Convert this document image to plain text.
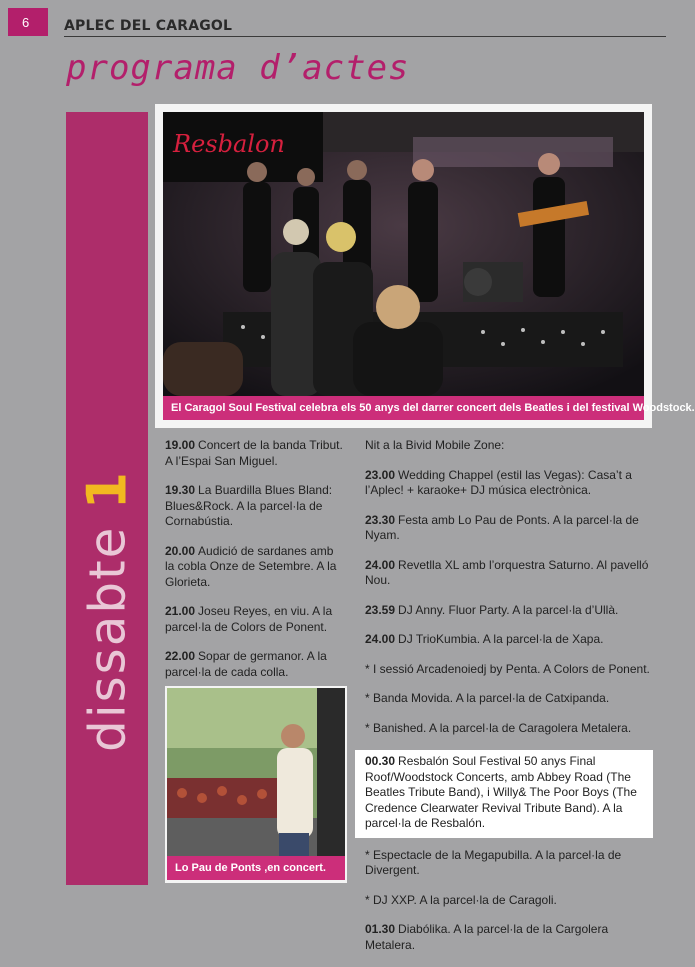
6	APLEC DEL CARAGOL
programa d’actes
dissabte
1
Resbalon
El Caragol Soul Festival celebra els 50 anys del darrer concert dels Beatles i del festival Woodstock.
19.00 Concert de la banda Tribut. A l’Espai San Miguel.
19.30 La Buardilla Blues Bland: Blues&Rock. A la parcel·la de Cornabústia.
20.00 Audició de sardanes amb la cobla Onze de Setembre. A la Glorieta.
21.00 Joseu Reyes, en viu. A la parcel·la de Colors de Ponent.
22.00 Sopar de germanor. A la parcel·la de cada colla.
Lo Pau de Ponts ,en concert.
Nit a la Bivid Mobile Zone:
23.00 Wedding Chappel (estil las Vegas): Casa’t a l’Aplec! + karaoke+ DJ música electrònica.
23.30 Festa amb Lo Pau de Ponts. A la parcel·la de Nyam.
24.00 Revetlla XL amb l’orquestra Saturno. Al pavelló Nou.
23.59 DJ Anny. Fluor Party. A la parcel·la d’Ullà.
24.00 DJ TrioKumbia. A la parcel·la de Xapa.
* I sessió Arcadenoiedj by Penta. A Colors de Ponent.
* Banda Movida. A la parcel·la de Catxipanda.
* Banished. A la parcel·la de Caragolera Metalera.
00.30 Resbalón Soul Festival 50 anys Final Roof/Woodstock Concerts, amb Abbey Road (The Beatles Tribute Band), i Willy& The Poor Boys (The Credence Clearwater Revival Tribute Band). A la parcel·la de Resbalón.
* Espectacle de la Megapubilla. A la parcel·la de Divergent.
* DJ XXP. A la parcel·la de Caragoli.
01.30 Diabólika. A la parcel·la de la Cargolera Metalera.
